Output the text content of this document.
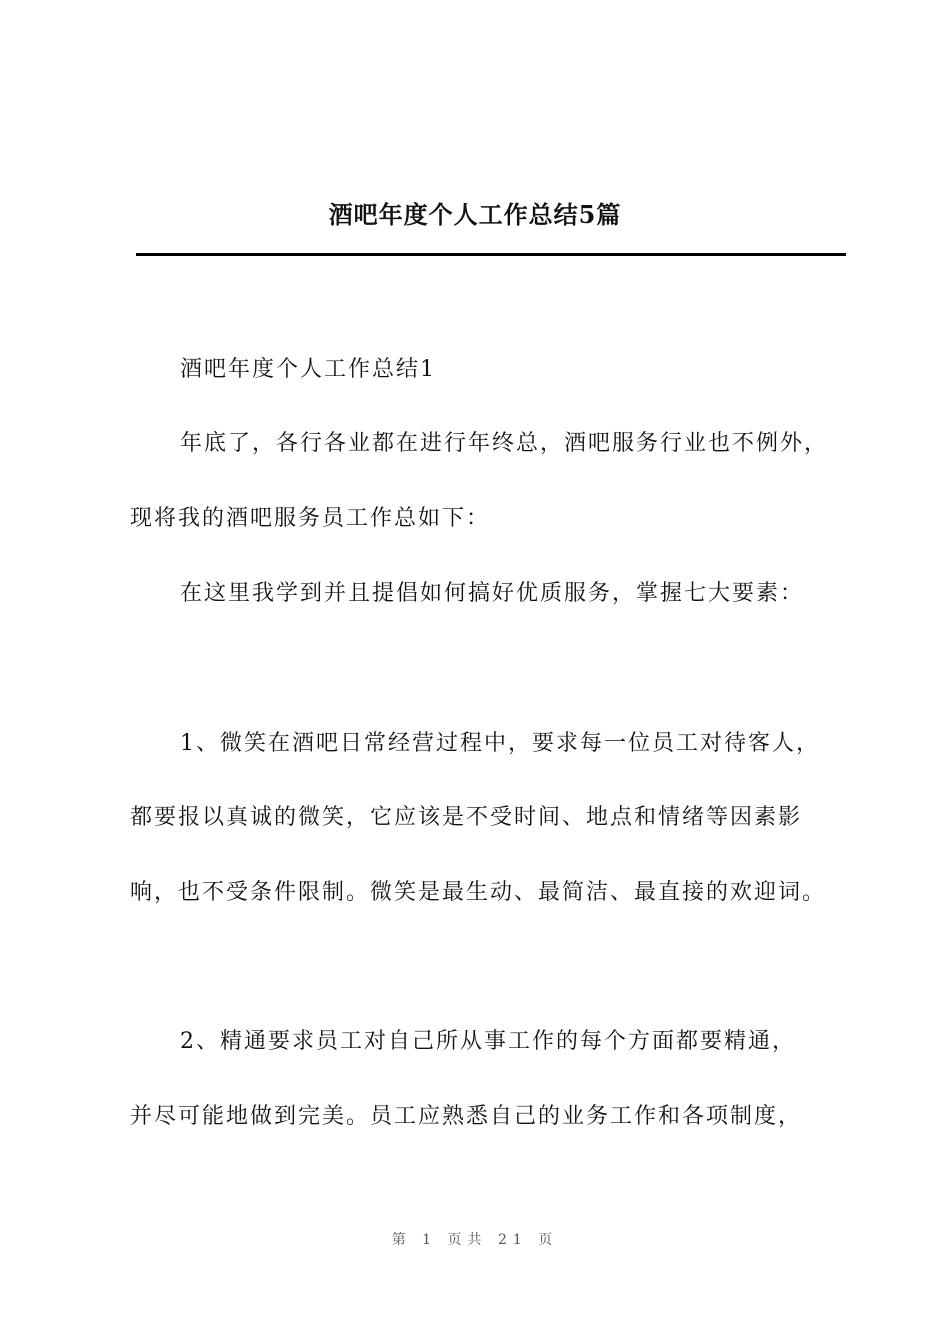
酒吧年度个人工作总结5篇
酒吧年度个人工作总结1
年底了，各行各业都在进行年终总，酒吧服务行业也不例外，
现将我的酒吧服务员工作总如下：
在这里我学到并且提倡如何搞好优质服务，掌握七大要素：
1、微笑在酒吧日常经营过程中，要求每一位员工对待客人，
都要报以真诚的微笑，它应该是不受时间、地点和情绪等因素影
响，也不受条件限制。微笑是最生动、最简洁、最直接的欢迎词。
2、精通要求员工对自己所从事工作的每个方面都要精通，
并尽可能地做到完美。员工应熟悉自己的业务工作和各项制度，
第 1 页共 21 页
